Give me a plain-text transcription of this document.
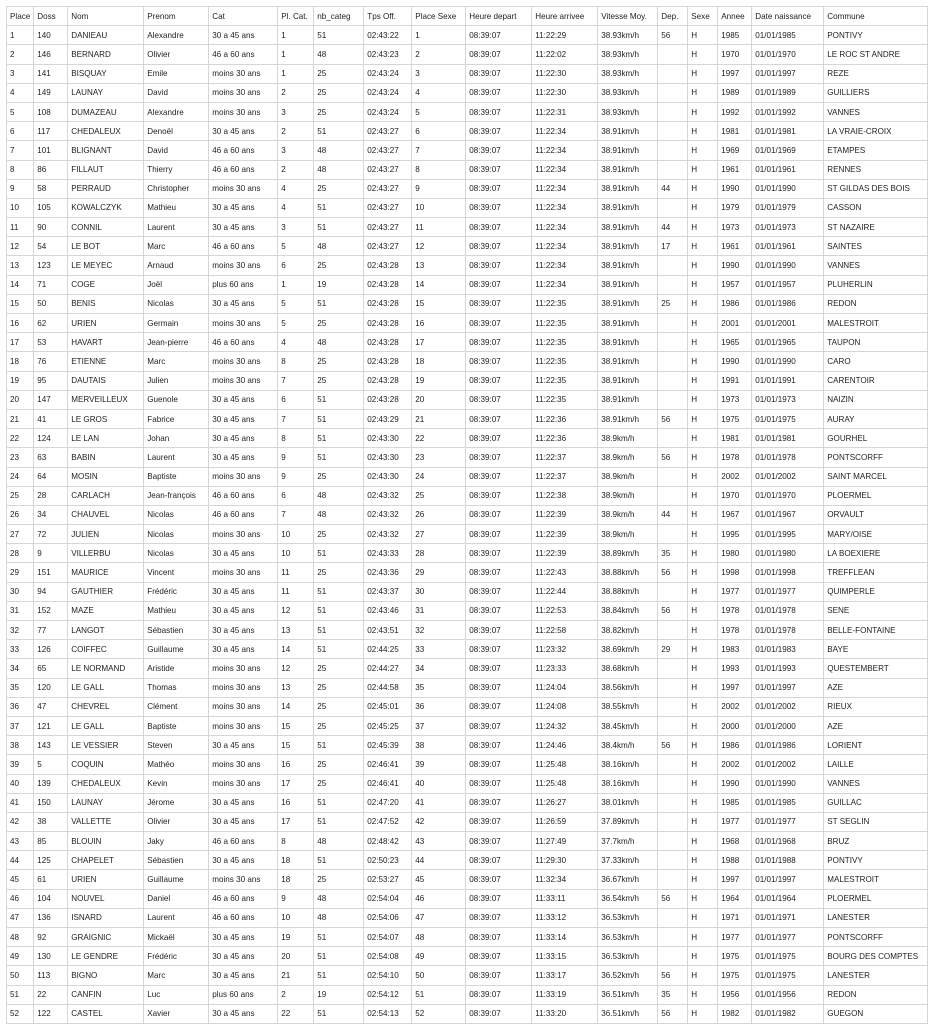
Place	Doss	Nom	Prenom	Cat	Pl. Cat.	nb_categ	Tps Off.	Place Sexe	Heure depart	Heure arrivee	Vitesse Moy.	Dep.	Sexe	Annee	Date naissance	Commune
1	140	DANIEAU	Alexandre	30 a 45 ans	1	51	02:43:22	1	08:39:07	11:22:29	38.93km/h	56	H	1985	01/01/1985	PONTIVY
2	146	BERNARD	Olivier	46 a 60 ans	1	48	02:43:23	2	08:39:07	11:22:02	38.93km/h		H	1970	01/01/1970	LE ROC ST ANDRE
3	141	BISQUAY	Emile	moins 30 ans	1	25	02:43:24	3	08:39:07	11:22:30	38.93km/h		H	1997	01/01/1997	REZE
4	149	LAUNAY	David	moins 30 ans	2	25	02:43:24	4	08:39:07	11:22:30	38.93km/h		H	1989	01/01/1989	GUILLIERS
5	108	DUMAZEAU	Alexandre	moins 30 ans	3	25	02:43:24	5	08:39:07	11:22:31	38.93km/h		H	1992	01/01/1992	VANNES
6	117	CHEDALEUX	Denoël	30 a 45 ans	2	51	02:43:27	6	08:39:07	11:22:34	38.91km/h		H	1981	01/01/1981	LA VRAIE-CROIX
7	101	BLIGNANT	David	46 a 60 ans	3	48	02:43:27	7	08:39:07	11:22:34	38.91km/h		H	1969	01/01/1969	ETAMPES
8	86	FILLAUT	Thierry	46 a 60 ans	2	48	02:43:27	8	08:39:07	11:22:34	38.91km/h		H	1961	01/01/1961	RENNES
9	58	PERRAUD	Christopher	moins 30 ans	4	25	02:43:27	9	08:39:07	11:22:34	38.91km/h	44	H	1990	01/01/1990	ST GILDAS DES BOIS
10	105	KOWALCZYK	Mathieu	30 a 45 ans	4	51	02:43:27	10	08:39:07	11:22:34	38.91km/h		H	1979	01/01/1979	CASSON
11	90	CONNIL	Laurent	30 a 45 ans	3	51	02:43:27	11	08:39:07	11:22:34	38.91km/h	44	H	1973	01/01/1973	ST NAZAIRE
12	54	LE BOT	Marc	46 a 60 ans	5	48	02:43:27	12	08:39:07	11:22:34	38.91km/h	17	H	1961	01/01/1961	SAINTES
13	123	LE MEYEC	Arnaud	moins 30 ans	6	25	02:43:28	13	08:39:07	11:22:34	38.91km/h		H	1990	01/01/1990	VANNES
14	71	COGE	Joël	plus 60 ans	1	19	02:43:28	14	08:39:07	11:22:34	38.91km/h		H	1957	01/01/1957	PLUHERLIN
15	50	BENIS	Nicolas	30 a 45 ans	5	51	02:43:28	15	08:39:07	11:22:35	38.91km/h	25	H	1986	01/01/1986	REDON
16	62	URIEN	Germain	moins 30 ans	5	25	02:43:28	16	08:39:07	11:22:35	38.91km/h		H	2001	01/01/2001	MALESTROIT
17	53	HAVART	Jean-pierre	46 a 60 ans	4	48	02:43:28	17	08:39:07	11:22:35	38.91km/h		H	1965	01/01/1965	TAUPON
18	76	ETIENNE	Marc	moins 30 ans	8	25	02:43:28	18	08:39:07	11:22:35	38.91km/h		H	1990	01/01/1990	CARO
19	95	DAUTAIS	Julien	moins 30 ans	7	25	02:43:28	19	08:39:07	11:22:35	38.91km/h		H	1991	01/01/1991	CARENTOIR
20	147	MERVEILLEUX	Guenole	30 a 45 ans	6	51	02:43:28	20	08:39:07	11:22:35	38.91km/h		H	1973	01/01/1973	NAIZIN
21	41	LE GROS	Fabrice	30 a 45 ans	7	51	02:43:29	21	08:39:07	11:22:36	38.91km/h	56	H	1975	01/01/1975	AURAY
22	124	LE LAN	Johan	30 a 45 ans	8	51	02:43:30	22	08:39:07	11:22:36	38.9km/h		H	1981	01/01/1981	GOURHEL
23	63	BABIN	Laurent	30 a 45 ans	9	51	02:43:30	23	08:39:07	11:22:37	38.9km/h	56	H	1978	01/01/1978	PONTSCORFF
24	64	MOSIN	Baptiste	moins 30 ans	9	25	02:43:30	24	08:39:07	11:22:37	38.9km/h		H	2002	01/01/2002	SAINT MARCEL
25	28	CARLACH	Jean-françois	46 a 60 ans	6	48	02:43:32	25	08:39:07	11:22:38	38.9km/h		H	1970	01/01/1970	PLOERMEL
26	34	CHAUVEL	Nicolas	46 a 60 ans	7	48	02:43:32	26	08:39:07	11:22:39	38.9km/h	44	H	1967	01/01/1967	ORVAULT
27	72	JULIEN	Nicolas	moins 30 ans	10	25	02:43:32	27	08:39:07	11:22:39	38.9km/h		H	1995	01/01/1995	MARY/OISE
28	9	VILLERBU	Nicolas	30 a 45 ans	10	51	02:43:33	28	08:39:07	11:22:39	38.89km/h	35	H	1980	01/01/1980	LA BOEXIERE
29	151	MAURICE	Vincent	moins 30 ans	11	25	02:43:36	29	08:39:07	11:22:43	38.88km/h	56	H	1998	01/01/1998	TREFFLEAN
30	94	GAUTHIER	Frédéric	30 a 45 ans	11	51	02:43:37	30	08:39:07	11:22:44	38.88km/h		H	1977	01/01/1977	QUIMPERLE
31	152	MAZE	Mathieu	30 a 45 ans	12	51	02:43:46	31	08:39:07	11:22:53	38.84km/h	56	H	1978	01/01/1978	SENE
32	77	LANGOT	Sébastien	30 a 45 ans	13	51	02:43:51	32	08:39:07	11:22:58	38.82km/h		H	1978	01/01/1978	BELLE-FONTAINE
33	126	COIFFEC	Guillaume	30 a 45 ans	14	51	02:44:25	33	08:39:07	11:23:32	38.69km/h	29	H	1983	01/01/1983	BAYE
34	65	LE NORMAND	Aristide	moins 30 ans	12	25	02:44:27	34	08:39:07	11:23:33	38.68km/h		H	1993	01/01/1993	QUESTEMBERT
35	120	LE GALL	Thomas	moins 30 ans	13	25	02:44:58	35	08:39:07	11:24:04	38.56km/h		H	1997	01/01/1997	AZE
36	47	CHEVREL	Clément	moins 30 ans	14	25	02:45:01	36	08:39:07	11:24:08	38.55km/h		H	2002	01/01/2002	RIEUX
37	121	LE GALL	Baptiste	moins 30 ans	15	25	02:45:25	37	08:39:07	11:24:32	38.45km/h		H	2000	01/01/2000	AZE
38	143	LE VESSIER	Steven	30 a 45 ans	15	51	02:45:39	38	08:39:07	11:24:46	38.4km/h	56	H	1986	01/01/1986	LORIENT
39	5	COQUIN	Mathéo	moins 30 ans	16	25	02:46:41	39	08:39:07	11:25:48	38.16km/h		H	2002	01/01/2002	LAILLE
40	139	CHEDALEUX	Kevin	moins 30 ans	17	25	02:46:41	40	08:39:07	11:25:48	38.16km/h		H	1990	01/01/1990	VANNES
41	150	LAUNAY	Jérome	30 a 45 ans	16	51	02:47:20	41	08:39:07	11:26:27	38.01km/h		H	1985	01/01/1985	GUILLAC
42	38	VALLETTE	Olivier	30 a 45 ans	17	51	02:47:52	42	08:39:07	11:26:59	37.89km/h		H	1977	01/01/1977	ST SEGLIN
43	85	BLOUIN	Jaky	46 a 60 ans	8	48	02:48:42	43	08:39:07	11:27:49	37.7km/h		H	1968	01/01/1968	BRUZ
44	125	CHAPELET	Sébastien	30 a 45 ans	18	51	02:50:23	44	08:39:07	11:29:30	37.33km/h		H	1988	01/01/1988	PONTIVY
45	61	URIEN	Guillaume	moins 30 ans	18	25	02:53:27	45	08:39:07	11:32:34	36.67km/h		H	1997	01/01/1997	MALESTROIT
46	104	NOUVEL	Daniel	46 a 60 ans	9	48	02:54:04	46	08:39:07	11:33:11	36.54km/h	56	H	1964	01/01/1964	PLOERMEL
47	136	ISNARD	Laurent	46 a 60 ans	10	48	02:54:06	47	08:39:07	11:33:12	36.53km/h		H	1971	01/01/1971	LANESTER
48	92	GRAIGNIC	Mickaël	30 a 45 ans	19	51	02:54:07	48	08:39:07	11:33:14	36.53km/h		H	1977	01/01/1977	PONTSCORFF
49	130	LE GENDRE	Frédéric	30 a 45 ans	20	51	02:54:08	49	08:39:07	11:33:15	36.53km/h		H	1975	01/01/1975	BOURG DES COMPTES
50	113	BIGNO	Marc	30 a 45 ans	21	51	02:54:10	50	08:39:07	11:33:17	36.52km/h	56	H	1975	01/01/1975	LANESTER
51	22	CANFIN	Luc	plus 60 ans	2	19	02:54:12	51	08:39:07	11:33:19	36.51km/h	35	H	1956	01/01/1956	REDON
52	122	CASTEL	Xavier	30 a 45 ans	22	51	02:54:13	52	08:39:07	11:33:20	36.51km/h	56	H	1982	01/01/1982	GUEGON
